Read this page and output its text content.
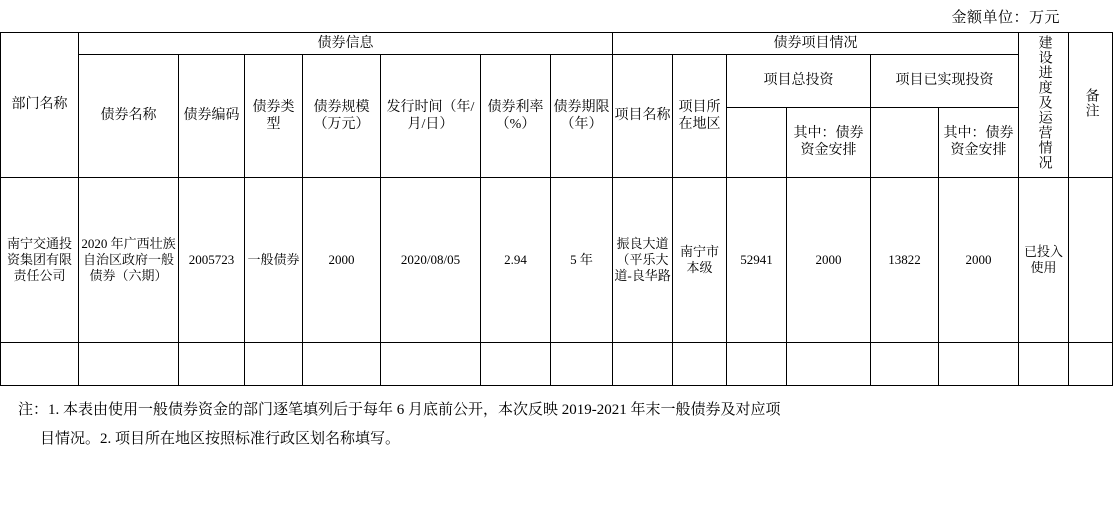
金额单位：万元
部门名称	债券信息							债券项目情况						建设进度及运营情况	备注
	债券名称	债券编码	债券类型	债券规模（万元）	发行时间（年/月/日）	债券利率（%）	债券期限（年）	项目名称	项目所在地区	项目总投资		项目已实现投资			
											其中：债券资金安排		其中：债券资金安排		

南宁交通投资集团有限责任公司	2020 年广西壮族自治区政府一般债券（六期）	2005723	一般债券	2000	2020/08/05	2.94	5 年	振良大道（平乐大道-良华路	南宁市本级	52941	2000	13822	2000	已投入使用	

注：1. 本表由使用一般债券资金的部门逐笔填列后于每年 6 月底前公开，本次反映 2019-2021 年末一般债券及对应项
目情况。2. 项目所在地区按照标准行政区划名称填写。
